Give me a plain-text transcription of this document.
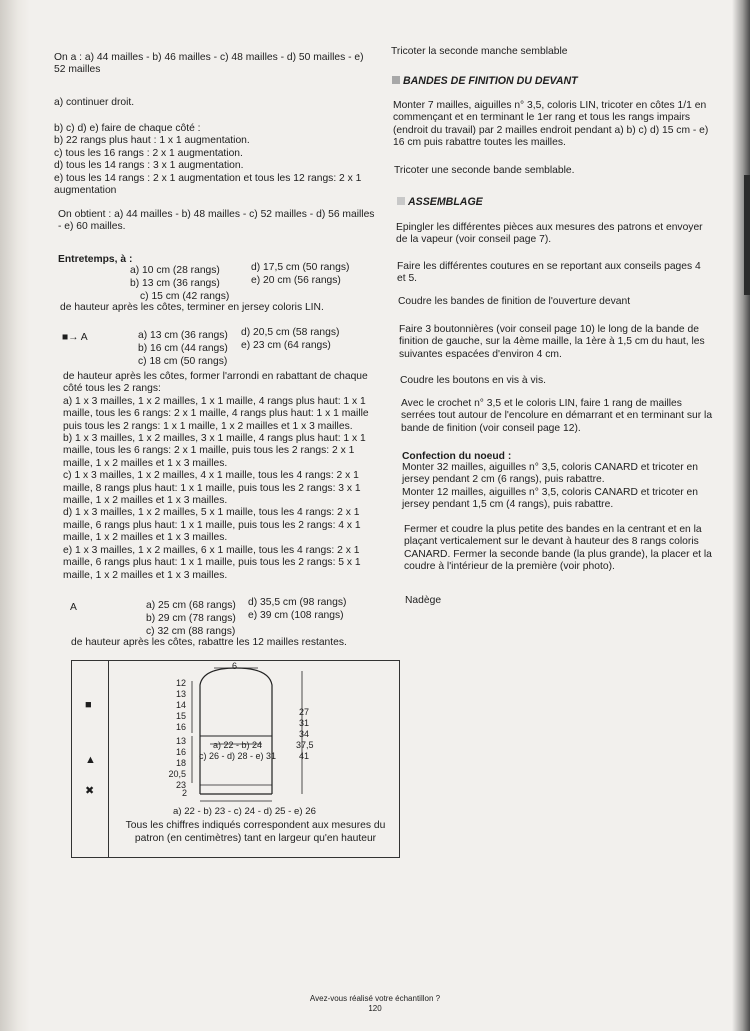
On a : a) 44 mailles - b) 46 mailles - c) 48 mailles - d) 50 mailles - e)
52 mailles
a) continuer droit.
b) c) d) e) faire de chaque côté :
b) 22 rangs plus haut : 1 x 1 augmentation.
c) tous les 16 rangs : 2 x 1 augmentation.
d) tous les 14 rangs : 3 x 1 augmentation.
e) tous les 14 rangs : 2 x 1 augmentation et tous les 12 rangs: 2 x 1
augmentation
On obtient : a) 44 mailles - b) 48 mailles - c) 52 mailles - d) 56 mailles
- e) 60 mailles.
Entretemps, à :
a) 10 cm (28 rangs)
b) 13 cm (36 rangs)
c) 15 cm (42 rangs)
d) 17,5 cm (50 rangs)
e) 20 cm (56 rangs)
de hauteur après les côtes, terminer en jersey coloris LIN.
■→ A	a) 13 cm (36 rangs)
b) 16 cm (44 rangs)
c) 18 cm (50 rangs)
d) 20,5 cm (58 rangs)
e) 23 cm (64 rangs)
de hauteur après les côtes, former l'arrondi en rabattant de chaque
côté tous les 2 rangs:
a) 1 x 3 mailles, 1 x 2 mailles, 1 x 1 maille, 4 rangs plus haut: 1 x 1
maille, tous les 6 rangs: 2 x 1 maille, 4 rangs plus haut: 1 x 1 maille
puis tous les 2 rangs: 1 x 1 maille, 1 x 2 mailles et 1 x 3 mailles.
b) 1 x 3 mailles, 1 x 2 mailles, 3 x 1 maille, 4 rangs plus haut: 1 x 1
maille, tous les 6 rangs: 2 x 1 maille, puis tous les 2 rangs: 2 x 1
maille, 1 x 2 mailles et 1 x 3 mailles.
c) 1 x 3 mailles, 1 x 2 mailles, 4 x 1 maille, tous les 4 rangs: 2 x 1
maille, 8 rangs plus haut: 1 x 1 maille, puis tous les 2 rangs: 3 x 1
maille, 1 x 2 mailles et 1 x 3 mailles.
d) 1 x 3 mailles, 1 x 2 mailles, 5 x 1 maille, tous les 4 rangs: 2 x 1
maille, 6 rangs plus haut: 1 x 1 maille, puis tous les 2 rangs: 4 x 1
maille, 1 x 2 mailles et 1 x 3 mailles.
e) 1 x 3 mailles, 1 x 2 mailles, 6 x 1 maille, tous les 4 rangs: 2 x 1
maille, 6 rangs plus haut: 1 x 1 maille, puis tous les 2 rangs: 5 x 1
maille, 1 x 2 mailles et 1 x 3 mailles.
A	a) 25 cm (68 rangs)
b) 29 cm (78 rangs)
c) 32 cm (88 rangs)
d) 35,5 cm (98 rangs)
e) 39 cm (108 rangs)
de hauteur après les côtes, rabattre les 12 mailles restantes.
■
▲
✖
6
12
13
14
15
16
13
16
18
20,5
23
2
27
31
34
37,5
41
a) 22 - b) 24
c) 26 - d) 28 - e) 31
a) 22 - b) 23 - c) 24 - d) 25 - e) 26
Tous les chiffres indiqués correspondent aux mesures du
patron (en centimètres) tant en largeur qu'en hauteur
Tricoter la seconde manche semblable
BANDES DE FINITION DU DEVANT
Monter 7 mailles, aiguilles n° 3,5, coloris LIN, tricoter en côtes 1/1 en
commençant et en terminant le 1er rang et tous les rangs impairs
(endroit du travail) par 2 mailles endroit pendant a) b) c) d) 15 cm - e)
16 cm puis rabattre toutes les mailles.
Tricoter une seconde bande semblable.
ASSEMBLAGE
Epingler les différentes pièces aux mesures des patrons et envoyer
de la vapeur (voir conseil page 7).
Faire les différentes coutures en se reportant aux conseils pages 4
et 5.
Coudre les bandes de finition de l'ouverture devant
Faire 3 boutonnières (voir conseil page 10) le long de la bande de
finition de gauche, sur la 4ème maille, la 1ère à 1,5 cm du haut, les
suivantes espacées d'environ 4 cm.
Coudre les boutons en vis à vis.
Avec le crochet n° 3,5 et le coloris LIN, faire 1 rang de mailles
serrées tout autour de l'encolure en démarrant et en terminant sur la
bande de finition (voir conseil page 12).
Confection du noeud :
Monter 32 mailles, aiguilles n° 3,5, coloris CANARD et tricoter en
jersey pendant 2 cm (6 rangs), puis rabattre.
Monter 12 mailles, aiguilles n° 3,5, coloris CANARD et tricoter en
jersey pendant 1,5 cm (4 rangs), puis rabattre.
Fermer et coudre la plus petite des bandes en la centrant et en la
plaçant verticalement sur le devant à hauteur des 8 rangs coloris
CANARD. Fermer la seconde bande (la plus grande), la placer et la
coudre à l'intérieur de la première (voir photo).
Nadège
Avez-vous réalisé votre échantillon ?
120
